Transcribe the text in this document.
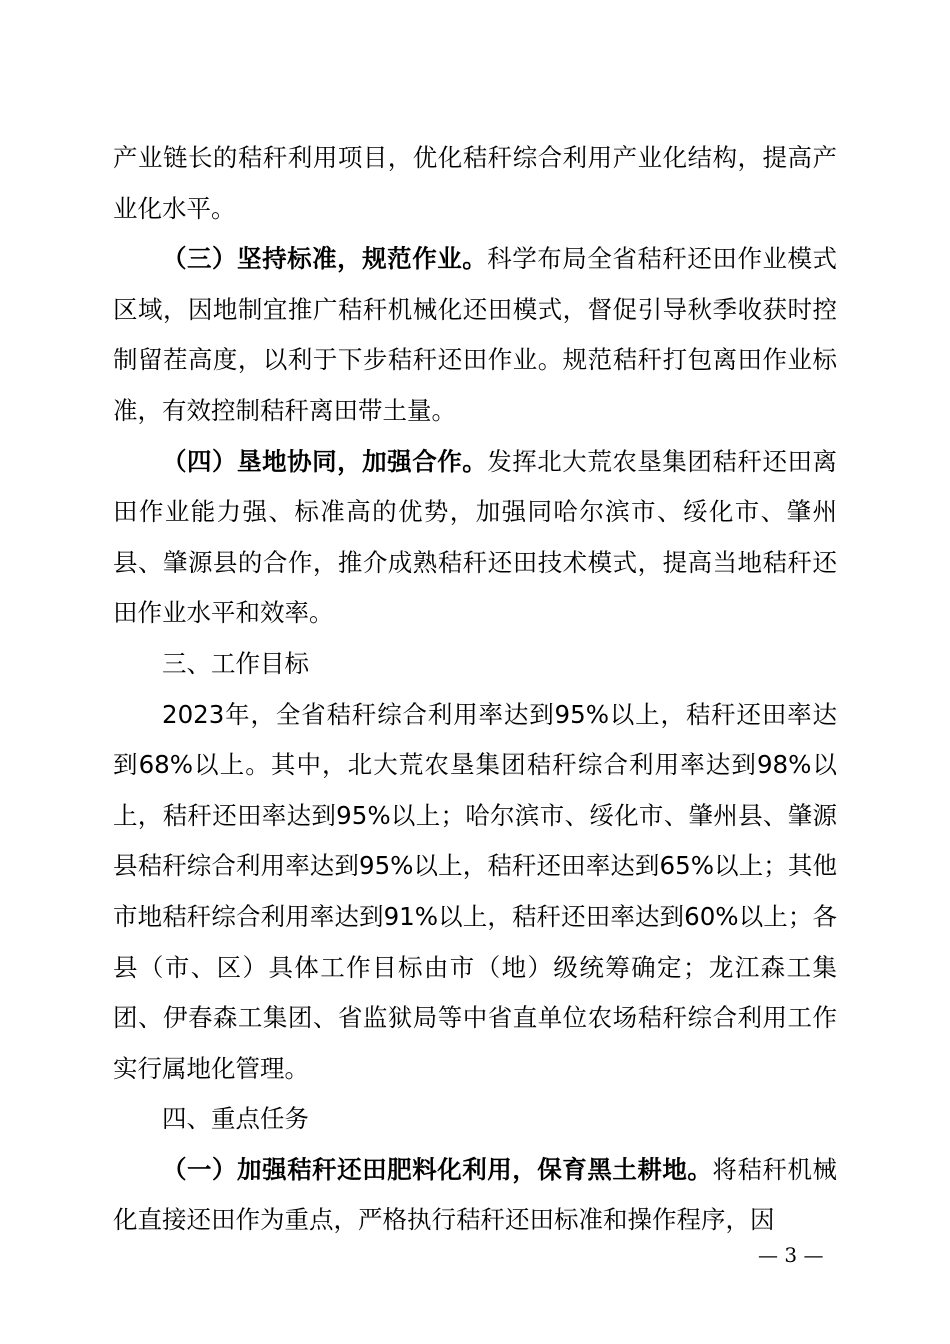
产业链长的秸秆利用项目，优化秸秆综合利用产业化结构，提高产业化水平。

（三）坚持标准，规范作业。科学布局全省秸秆还田作业模式区域，因地制宜推广秸秆机械化还田模式，督促引导秋季收获时控制留茬高度，以利于下步秸秆还田作业。规范秸秆打包离田作业标准，有效控制秸秆离田带土量。

（四）垦地协同，加强合作。发挥北大荒农垦集团秸秆还田离田作业能力强、标准高的优势，加强同哈尔滨市、绥化市、肇州县、肇源县的合作，推介成熟秸秆还田技术模式，提高当地秸秆还田作业水平和效率。

三、工作目标

2023年，全省秸秆综合利用率达到95%以上，秸秆还田率达到68%以上。其中，北大荒农垦集团秸秆综合利用率达到98%以上，秸秆还田率达到95%以上；哈尔滨市、绥化市、肇州县、肇源县秸秆综合利用率达到95%以上，秸秆还田率达到65%以上；其他市地秸秆综合利用率达到91%以上，秸秆还田率达到60%以上；各县（市、区）具体工作目标由市（地）级统筹确定；龙江森工集团、伊春森工集团、省监狱局等中省直单位农场秸秆综合利用工作实行属地化管理。

四、重点任务

（一）加强秸秆还田肥料化利用，保育黑土耕地。将秸秆机械化直接还田作为重点，严格执行秸秆还田标准和操作程序，因

— 3 —
